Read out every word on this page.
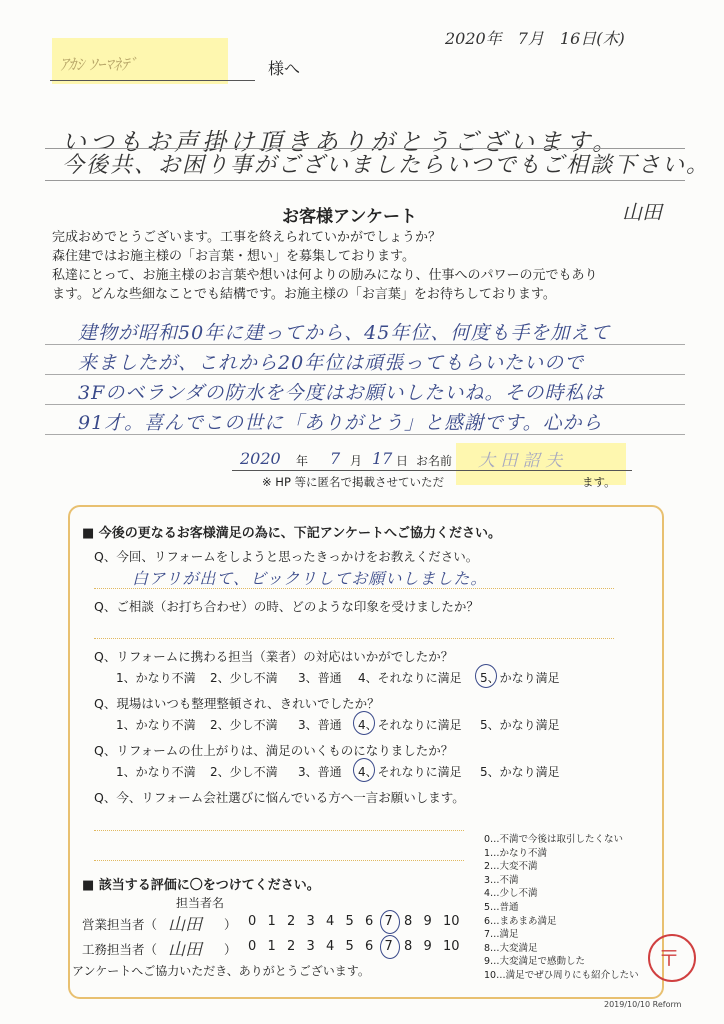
ｱｶｼ ｿｰﾏﾈﾃﾞ	様へ
2020年　7月　16日(木)
いつもお声掛け頂きありがとうございます。
今後共、お困り事がございましたらいつでもご相談下さい。
山田
お客様アンケート
完成おめでとうございます。工事を終えられていかがでしょうか？
森住建ではお施主様の「お言葉・想い」を募集しております。
私達にとって、お施主様のお言葉や想いは何よりの励みになり、仕事へのパワーの元でもあり
ます。どんな些細なことでも結構です。お施主様の「お言葉」をお待ちしております。
建物が昭和50年に建ってから、45年位、何度も手を加えて
来ましたが、これから20年位は頑張ってもらいたいので
3Fのベランダの防水を今度はお願いしたいね。その時私は
91才。喜んでこの世に「ありがとう」と感謝です。心から
2020 年 7 月 17 日 お名前 大 田 詔 夫
※ HP 等に匿名で掲載させていただ　　　　　　　　　　　　ます。
■ 今後の更なるお客様満足の為に、下記アンケートへご協力ください。
Q、今回、リフォームをしようと思ったきっかけをお教えください。
白アリが出て、ビックリしてお願いしました。
Q、ご相談（お打ち合わせ）の時、どのような印象を受けましたか？
Q、リフォームに携わる担当（業者）の対応はいかがでしたか？
1、かなり不満 2、少し不満 3、普通 4、それなりに満足 5、かなり満足
Q、現場はいつも整理整頓され、きれいでしたか？
1、かなり不満 2、少し不満 3、普通 4、それなりに満足 5、かなり満足
Q、リフォームの仕上がりは、満足のいくものになりましたか？
1、かなり不満 2、少し不満 3、普通 4、それなりに満足 5、かなり満足
Q、今、リフォーム会社選びに悩んでいる方へ一言お願いします。
0…不満で今後は取引したくない
1…かなり不満
2…大変不満
3…不満
4…少し不満
5…普通
6…まあまあ満足
7…満足
8…大変満足
9…大変満足で感動した
10…満足でぜひ周りにも紹介したい
■ 該当する評価に〇をつけてください。
担当者名
営業担当者（ 山田 ） 0 1 2 3 4 5 6 7 8 9 10
工務担当者（ 山田 ） 0 1 2 3 4 5 6 7 8 9 10
アンケートへご協力いただき、ありがとうございます。	〒
2019/10/10 Reform
